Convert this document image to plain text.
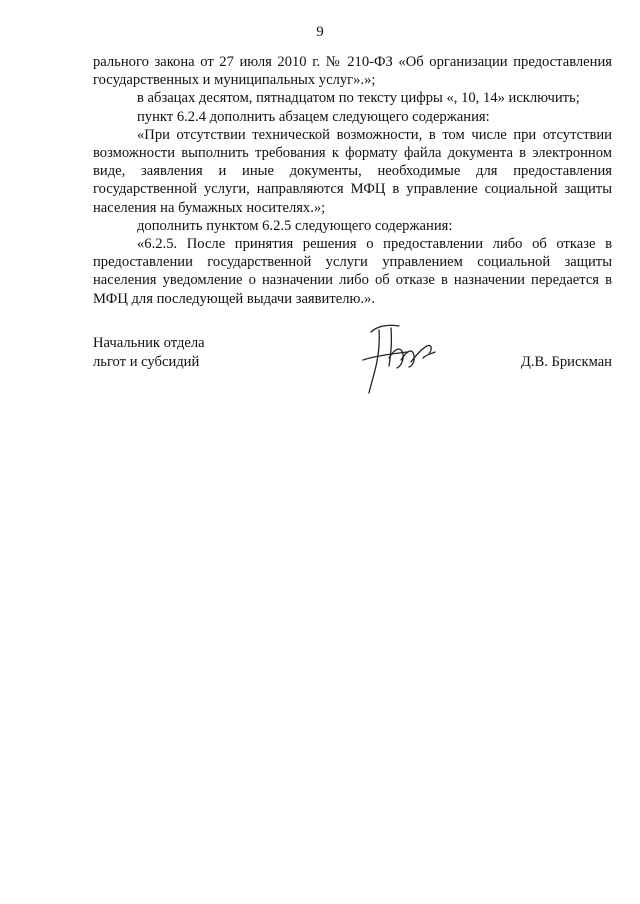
9

рального закона от 27 июля 2010 г. № 210-ФЗ «Об организации предоставления государственных и муниципальных услуг».»;

в абзацах десятом, пятнадцатом по тексту цифры «, 10, 14» исключить;

пункт 6.2.4 дополнить абзацем следующего содержания:

«При отсутствии технической возможности, в том числе при отсутствии возможности выполнить требования к формату файла документа в электронном виде, заявления и иные документы, необходимые для предоставления государственной услуги, направляются МФЦ в управление социальной защиты населения на бумажных носителях.»;

дополнить пунктом 6.2.5 следующего содержания:

«6.2.5. После принятия решения о предоставлении либо об отказе в предоставлении государственной услуги управлением социальной защиты населения уведомление о назначении либо об отказе в назначении передается в МФЦ для последующей выдачи заявителю.».

Начальник отдела
льгот и субсидий	Д.В. Брискман
